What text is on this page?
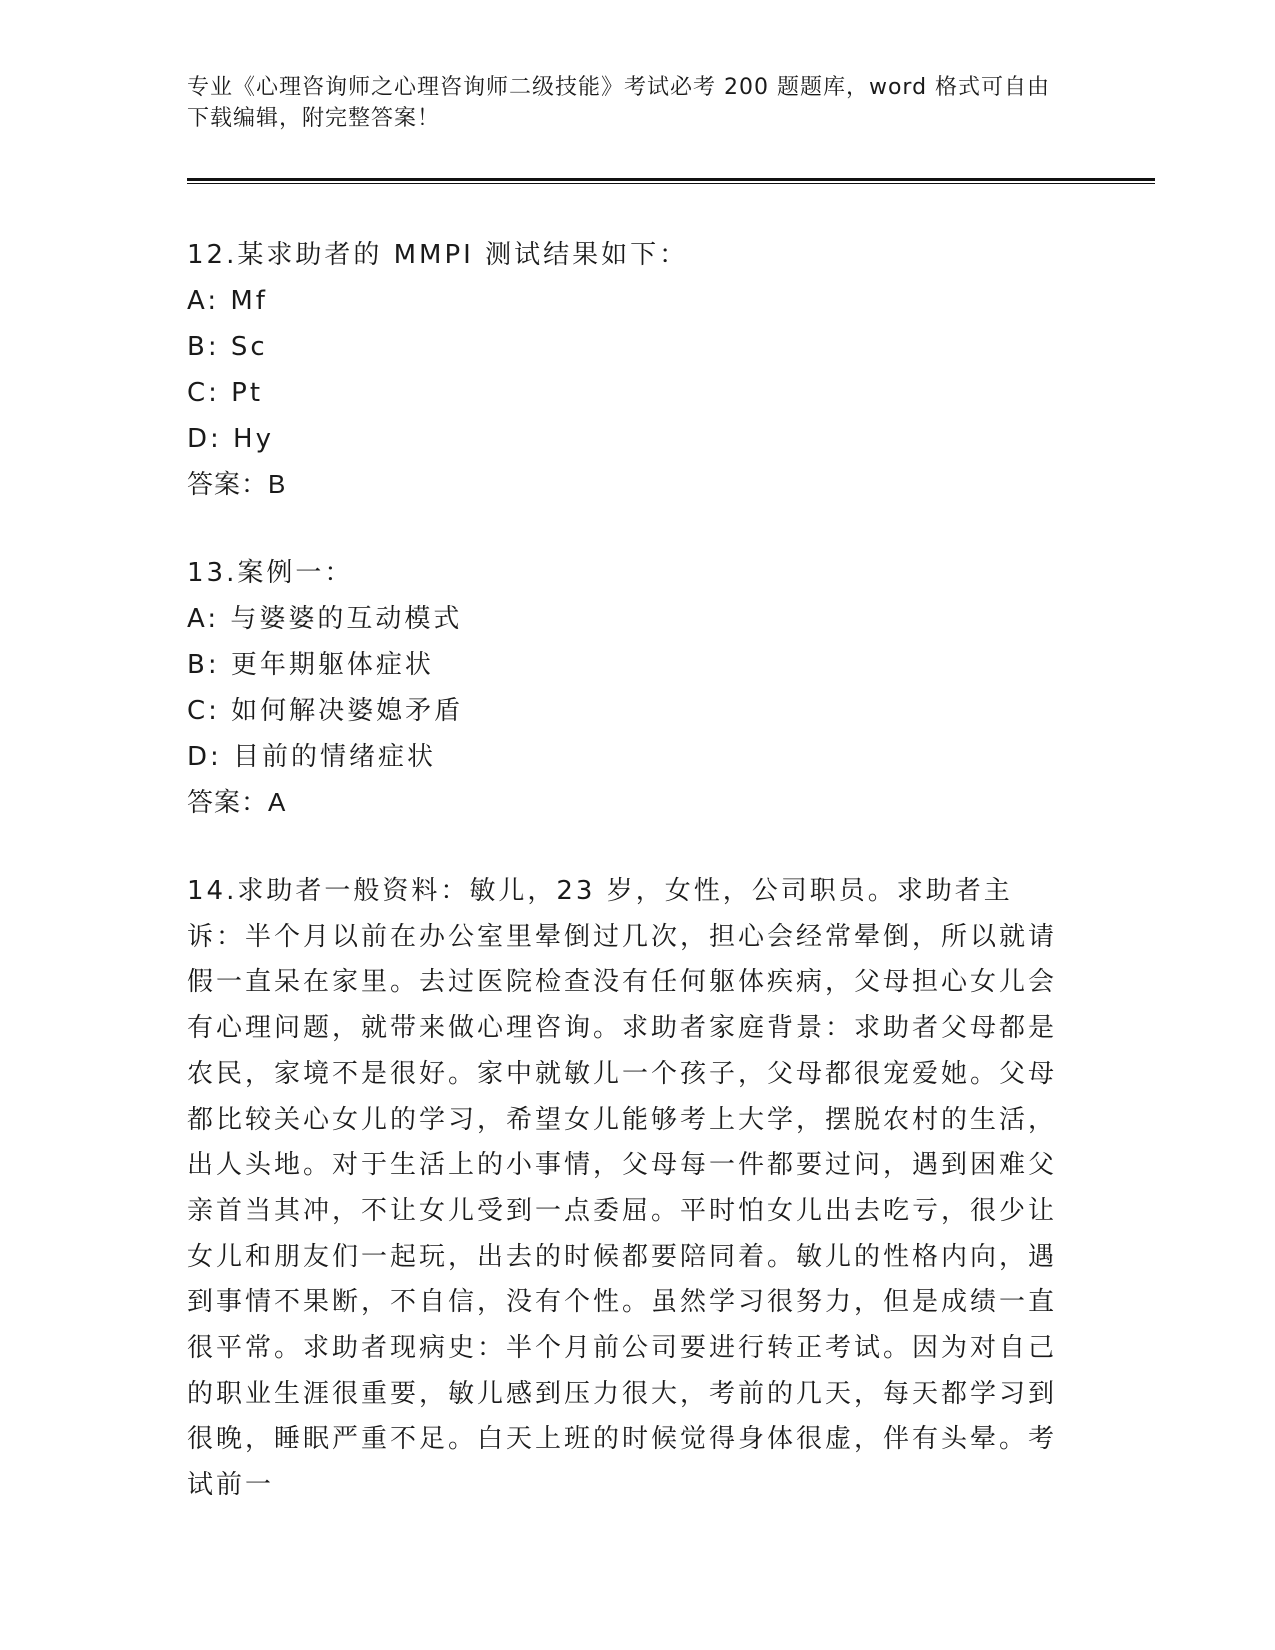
专业《心理咨询师之心理咨询师二级技能》考试必考 200 题题库，word 格式可自由下载编辑，附完整答案！
12.某求助者的 MMPI 测试结果如下：
A: Mf
B: Sc
C: Pt
D: Hy
答案：B
13.案例一：
A: 与婆婆的互动模式
B: 更年期躯体症状
C: 如何解决婆媳矛盾
D: 目前的情绪症状
答案：A
14.求助者一般资料：敏儿，23 岁，女性，公司职员。求助者主诉：半个月以前在办公室里晕倒过几次，担心会经常晕倒，所以就请假一直呆在家里。去过医院检查没有任何躯体疾病，父母担心女儿会有心理问题，就带来做心理咨询。求助者家庭背景：求助者父母都是农民，家境不是很好。家中就敏儿一个孩子，父母都很宠爱她。父母都比较关心女儿的学习，希望女儿能够考上大学，摆脱农村的生活，出人头地。对于生活上的小事情，父母每一件都要过问，遇到困难父亲首当其冲，不让女儿受到一点委屈。平时怕女儿出去吃亏，很少让女儿和朋友们一起玩，出去的时候都要陪同着。敏儿的性格内向，遇到事情不果断，不自信，没有个性。虽然学习很努力，但是成绩一直很平常。求助者现病史：半个月前公司要进行转正考试。因为对自己的职业生涯很重要，敏儿感到压力很大，考前的几天，每天都学习到很晚，睡眠严重不足。白天上班的时候觉得身体很虚，伴有头晕。考试前一
